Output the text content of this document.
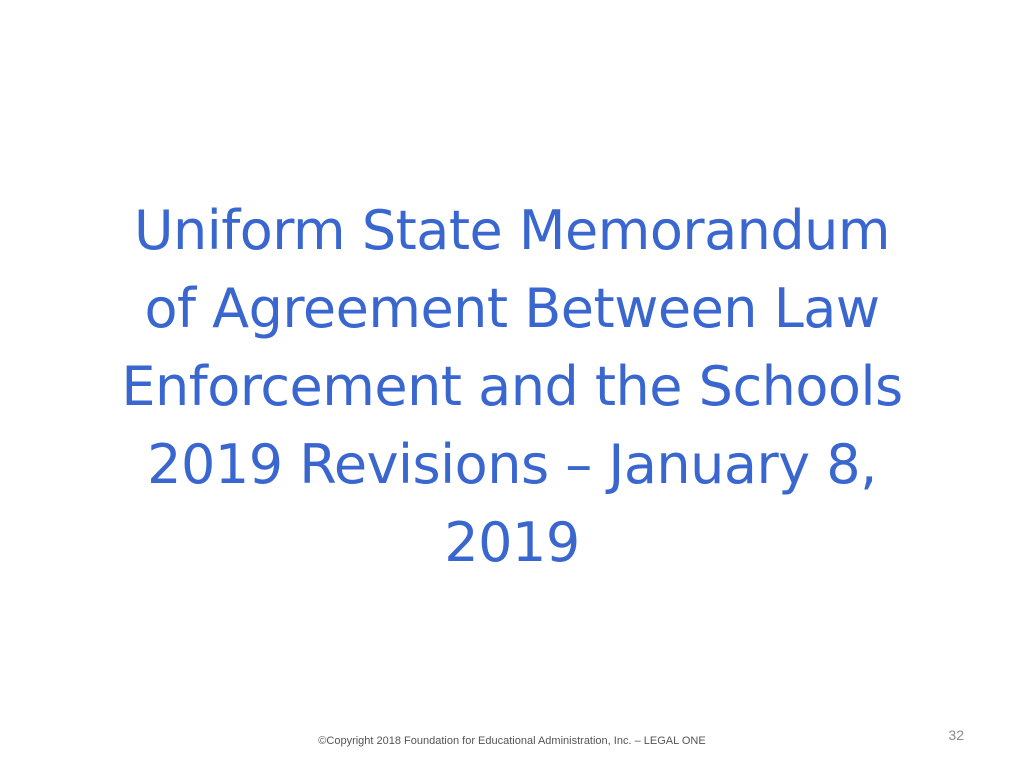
Uniform State Memorandum
of Agreement Between Law
Enforcement and the Schools
2019 Revisions – January 8,
2019
©Copyright 2018 Foundation for Educational Administration, Inc. – LEGAL ONE	32
